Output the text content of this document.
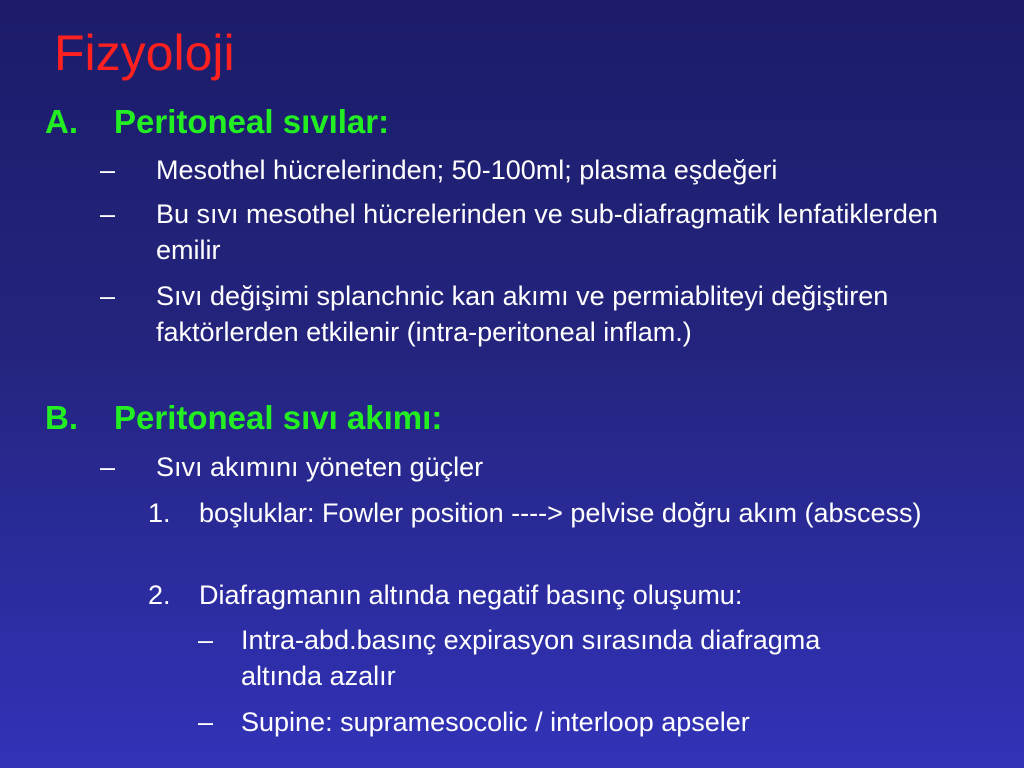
Fizyoloji
A. Peritoneal sıvılar:
– Mesothel hücrelerinden; 50-100ml; plasma eşdeğeri
– Bu sıvı mesothel hücrelerinden ve sub-diafragmatik lenfatiklerden emilir
– Sıvı değişimi splanchnic kan akımı ve permiabliteyi değiştiren faktörlerden etkilenir (intra-peritoneal inflam.)
B. Peritoneal sıvı akımı:
– Sıvı akımını yöneten güçler
1. boşluklar: Fowler position ----> pelvise doğru akım (abscess)
2. Diafragmanın altında negatif basınç oluşumu:
– Intra-abd.basınç expirasyon sırasında diafragma altında azalır
– Supine: supramesocolic / interloop apseler
